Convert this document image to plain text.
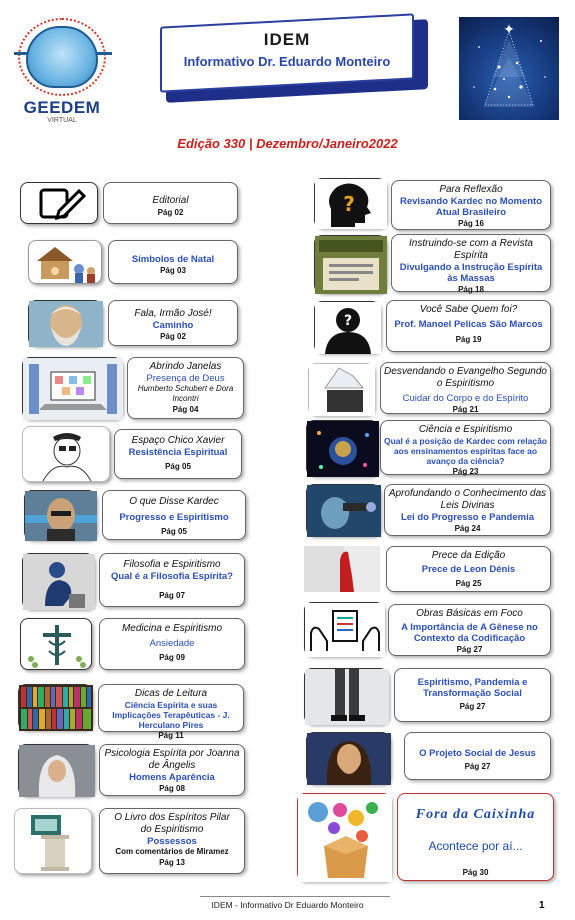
GEEDEM
VIRTUAL
IDEM
Informativo Dr. Eduardo Monteiro
✦
Edição 330 | Dezembro/Janeiro2022
Editorial
Pág 02
Símbolos de Natal
Pág 03
Fala, Irmão José!
Caminho
Pág 02
Abrindo Janelas
Presença de Deus
Humberto Schubert e Dora Incontri
Pág 04
Espaço Chico Xavier
Resistência Espiritual
Pág 05
O que Disse Kardec
Progresso e Espiritismo
Pág 05
Filosofia e Espiritismo
Qual é a Filosofia Espírita?
Pág 07
Medicina e Espiritismo
Ansiedade
Pág 09
Dicas de Leitura
Ciência Espírita e suas Implicações Terapêuticas - J. Herculano Pires
Pág 11
Psicologia Espírita por Joanna de Ângelis
Homens Aparência
Pág 08
O Livro dos Espíritos Pilar do Espiritismo
Possessos
Com comentários de Miramez
Pág 13
?
Para Reflexão
Revisando Kardec no Momento Atual Brasileiro
Pág 16
Instruindo-se com a Revista Espírita
Divulgando a Instrução Espírita às Massas
Pág 18
?
Você Sabe Quem foi?
Prof. Manoel Pelicas São Marcos
Pág 19
Desvendando o Evangelho Segundo o Espiritismo
Cuidar do Corpo e do Espírito
Pág 21
Ciência e Espiritismo
Qual é a posição de Kardec com relação aos ensinamentos espíritas face ao avanço da ciência?
Pág 23
Aprofundando o Conhecimento das Leis Divinas
Lei do Progresso e Pandemia
Pág 24
Prece da Edição
Prece de Leon Dénis
Pág 25
Obras Básicas em Foco
A Importância de A Gênese no Contexto da Codificação
Pág 27
Espiritismo, Pandemia e Transformação Social
Pág 27
O Projeto Social de Jesus
Pág 27
Fora da Caixinha
Acontece por aí...
Pág 30
IDEM - Informativo Dr Eduardo Monteiro	1
